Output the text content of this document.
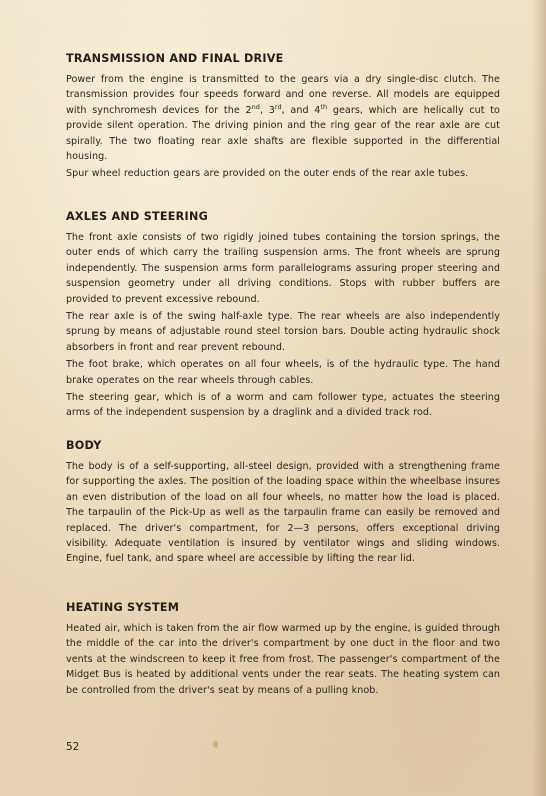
TRANSMISSION AND FINAL DRIVE

Power from the engine is transmitted to the gears via a dry single-disc clutch. The transmission provides four speeds forward and one reverse. All models are equipped with synchromesh devices for the 2nd, 3rd, and 4th gears, which are helically cut to provide silent operation. The driving pinion and the ring gear of the rear axle are cut spirally. The two floating rear axle shafts are flexible supported in the differential housing.

Spur wheel reduction gears are provided on the outer ends of the rear axle tubes.

AXLES AND STEERING

The front axle consists of two rigidly joined tubes containing the torsion springs, the outer ends of which carry the trailing suspension arms. The front wheels are sprung independently. The suspension arms form parallelograms assuring proper steering and suspension geometry under all driving conditions. Stops with rubber buffers are provided to prevent excessive rebound.

The rear axle is of the swing half-axle type. The rear wheels are also independently sprung by means of adjustable round steel torsion bars. Double acting hydraulic shock absorbers in front and rear prevent rebound.

The foot brake, which operates on all four wheels, is of the hydraulic type. The hand brake operates on the rear wheels through cables.

The steering gear, which is of a worm and cam follower type, actuates the steering arms of the independent suspension by a draglink and a divided track rod.

BODY

The body is of a self-supporting, all-steel design, provided with a strengthening frame for supporting the axles. The position of the loading space within the wheelbase insures an even distribution of the load on all four wheels, no matter how the load is placed. The tarpaulin of the Pick-Up as well as the tarpaulin frame can easily be removed and replaced. The driver's compartment, for 2—3 persons, offers exceptional driving visibility. Adequate ventilation is insured by ventilator wings and sliding windows. Engine, fuel tank, and spare wheel are accessible by lifting the rear lid.

HEATING SYSTEM

Heated air, which is taken from the air flow warmed up by the engine, is guided through the middle of the car into the driver's compartment by one duct in the floor and two vents at the windscreen to keep it free from frost. The passenger's compartment of the Midget Bus is heated by additional vents under the rear seats. The heating system can be controlled from the driver's seat by means of a pulling knob.

52
